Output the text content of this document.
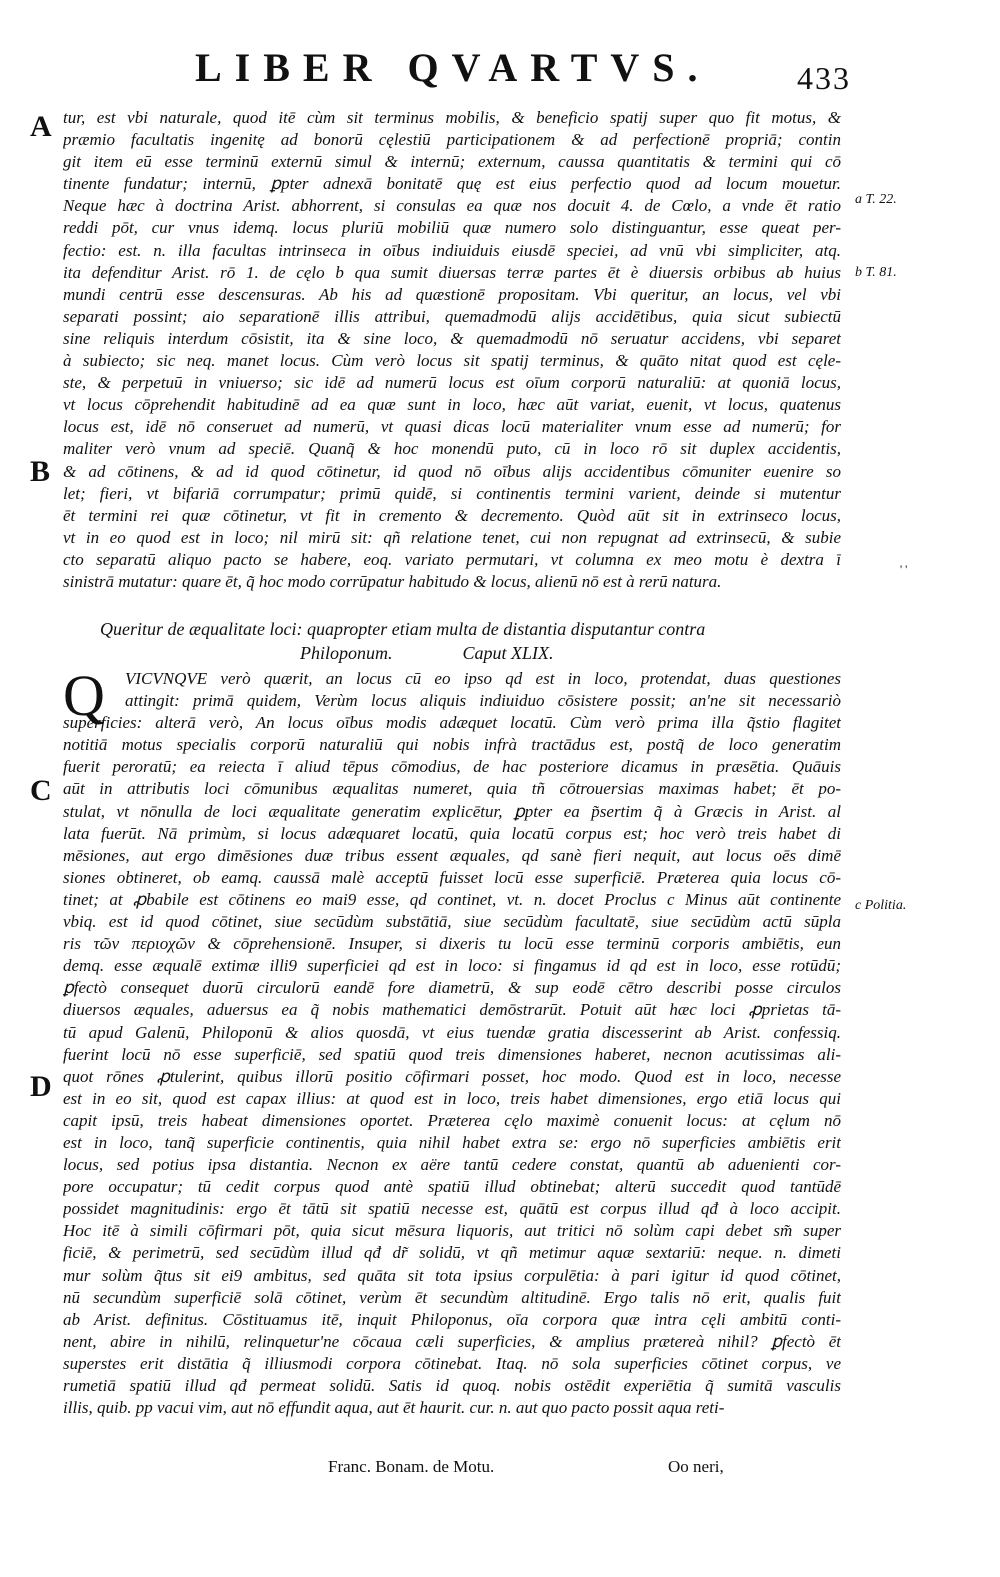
LIBER QVARTVS.	433
A
B
C
D
a T. 22.
b T. 81.
c Politia.
' '
tur, est vbi naturale, quod itē cùm sit terminus mobilis, & beneficio spatij super quo fit motus, &
præmio facultatis ingenitę ad bonorū cęlestiū participationem & ad perfectionē propriā; contin
git item eū esse terminū externū simul & internū; externum, caussa quantitatis & termini qui cō
tinente fundatur; internū, ꝑpter adnexā bonitatē quę est eius perfectio quod ad locum mouetur.
Neque hæc à doctrina Arist. abhorrent, si consulas ea quæ nos docuit 4. de Cœlo, a vnde ēt ratio
reddi pōt, cur vnus idemq. locus pluriū mobiliū quæ numero solo distinguantur, esse queat per-
fectio: est. n. illa facultas intrinseca in oībus indiuiduis eiusdē speciei, ad vnū vbi simpliciter, atq.
ita defenditur Arist. rō 1. de cęlo b qua sumit diuersas terræ partes ēt è diuersis orbibus ab huius
mundi centrū esse descensuras. Ab his ad quæstionē propositam. Vbi queritur, an locus, vel vbi
separati possint; aio separationē illis attribui, quemadmodū alijs accidētibus, quia sicut subiectū
sine reliquis interdum cōsistit, ita & sine loco, & quemadmodū nō seruatur accidens, vbi separet
à subiecto; sic neq. manet locus. Cùm verò locus sit spatij terminus, & quāto nitat quod est cęle-
ste, & perpetuū in vniuerso; sic idē ad numerū locus est oīum corporū naturaliū: at quoniā locus,
vt locus cōprehendit habitudinē ad ea quæ sunt in loco, hæc aūt variat, euenit, vt locus, quatenus
locus est, idē nō conseruet ad numerū, vt quasi dicas locū materialiter vnum esse ad numerū; for
maliter verò vnum ad speciē. Quanq̃ & hoc monendū puto, cū in loco rō sit duplex accidentis,
& ad cōtinens, & ad id quod cōtinetur, id quod nō oībus alijs accidentibus cōmuniter euenire so
let; fieri, vt bifariā corrumpatur; primū quidē, si continentis termini varient, deinde si mutentur
ēt termini rei quæ cōtinetur, vt fit in cremento & decremento. Quòd aūt sit in extrinseco locus,
vt in eo quod est in loco; nil mirū sit: qñ relatione tenet, cui non repugnat ad extrinsecū, & subie
cto separatū aliquo pacto se habere, eoq. variato permutari, vt columna ex meo motu è dextra ī
sinistrā mutatur: quare ēt, q̃ hoc modo corrūpatur habitudo & locus, alienū nō est à rerū natura.
Queritur de æqualitate loci: quapropter etiam multa de distantia disputantur contra
Philoponum.	Caput XLIX.
Q	VICVNQVE verò quærit, an locus cū eo ipso qd est in loco, protendat, duas questiones
attingit: primā quidem, Verùm locus aliquis indiuiduo cōsistere possit; an'ne sit necessariò
superficies: alterā verò, An locus oībus modis adæquet locatū. Cùm verò prima illa q̃stio flagitet
notitiā motus specialis corporū naturaliū qui nobis infrà tractādus est, postq̃ de loco generatim
fuerit peroratū; ea reiecta ī aliud tēpus cōmodius, de hac posteriore dicamus in præsētia. Quāuis
aūt in attributis loci cōmunibus æqualitas numeret, quia tñ cōtrouersias maximas habet; ēt po-
stulat, vt nōnulla de loci æqualitate generatim explicētur, ꝑpter ea p̃sertim q̃ à Græcis in Arist. al
lata fuerūt. Nā primùm, si locus adæquaret locatū, quia locatū corpus est; hoc verò treis habet di
mēsiones, aut ergo dimēsiones duæ tribus essent æquales, qd sanè fieri nequit, aut locus oēs dimē
siones obtineret, ob eamq. caussā malè acceptū fuisset locū esse superficiē. Præterea quia locus cō-
tinet; at ꝓbabile est cōtinens eo mai9 esse, qd continet, vt. n. docet Proclus c Minus aūt continente
vbiq. est id quod cōtinet, siue secūdùm substātiā, siue secūdùm facultatē, siue secūdùm actū sūpla
ris τῶν περιοχῶν & cōprehensionē. Insuper, si dixeris tu locū esse terminū corporis ambiētis, eun
demq. esse æqualē extimæ illi9 superficiei qd est in loco: si fingamus id qd est in loco, esse rotūdū;
ꝑfectò consequet duorū circulorū eandē fore diametrū, & sup eodē cētro describi posse circulos
diuersos æquales, aduersus ea q̃ nobis mathematici demōstrarūt. Potuit aūt hæc loci ꝓprietas tā-
tū apud Galenū, Philoponū & alios quosdā, vt eius tuendæ gratia discesserint ab Arist. confessiq.
fuerint locū nō esse superficiē, sed spatiū quod treis dimensiones haberet, necnon acutissimas ali-
quot rōnes ꝓtulerint, quibus illorū positio cōfirmari posset, hoc modo. Quod est in loco, necesse
est in eo sit, quod est capax illius: at quod est in loco, treis habet dimensiones, ergo etiā locus qui
capit ipsū, treis habeat dimensiones oportet. Præterea cęlo maximè conuenit locus: at cęlum nō
est in loco, tanq̃ superficie continentis, quia nihil habet extra se: ergo nō superficies ambiētis erit
locus, sed potius ipsa distantia. Necnon ex aëre tantū cedere constat, quantū ab aduenienti cor-
pore occupatur; tū cedit corpus quod antè spatiū illud obtinebat; alterū succedit quod tantūdē
possidet magnitudinis: ergo ēt tātū sit spatiū necesse est, quātū est corpus illud qđ à loco accipit.
Hoc itē à simili cōfirmari pōt, quia sicut mēsura liquoris, aut tritici nō solùm capi debet sm̃ super
ficiē, & perimetrū, sed secūdùm illud qđ dr̃ solidū, vt qñ metimur aquæ sextariū: neque. n. dimeti
mur solùm q̃tus sit ei9 ambitus, sed quāta sit tota ipsius corpulētia: à pari igitur id quod cōtinet,
nū secundùm superficiē solā cōtinet, verùm ēt secundùm altitudinē. Ergo talis nō erit, qualis fuit
ab Arist. definitus. Cōstituamus itē, inquit Philoponus, oīa corpora quæ intra cęli ambitū conti-
nent, abire in nihilū, relinquetur'ne cōcaua cæli superficies, & amplius prætereà nihil? ꝑfectò ēt
superstes erit distātia q̃ illiusmodi corpora cōtinebat. Itaq. nō sola superficies cōtinet corpus, ve
rumetiā spatiū illud qđ permeat solidū. Satis id quoq. nobis ostēdit experiētia q̃ sumitā vasculis
illis, quib. pp vacui vim, aut nō effundit aqua, aut ēt haurit. cur. n. aut quo pacto possit aqua reti-
Franc. Bonam. de Motu.	Oo neri,
